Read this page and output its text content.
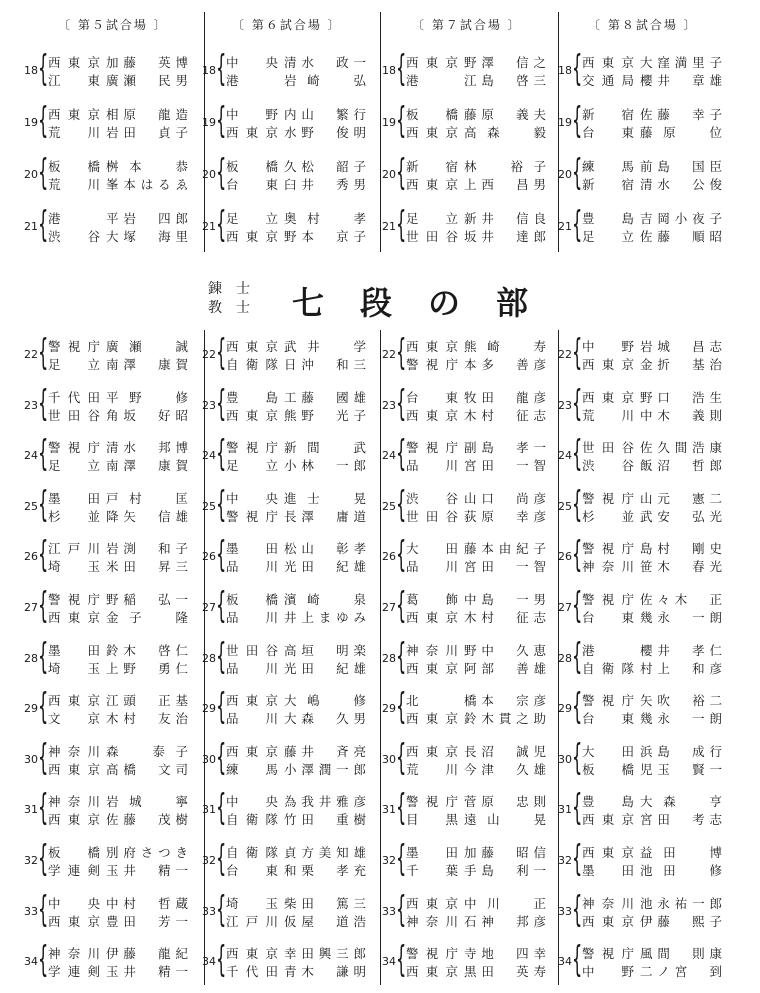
〔 第５試合場 〕	〔 第６試合場 〕	〔 第７試合場 〕	〔 第８試合場 〕
18 { 西東京 加藤　英博
江　東 廣瀬　民男
19 { 西東京 相原　龍造
荒　川 岩田　貞子
20 { 板　橋 桝本　恭
荒　川 峯本はるゑ
21 { 港	平岩　四郎
渋　谷 大塚　海里
18 { 中　央 清水　政一
港	岩崎　弘
19 { 中　野 内山　繁行
西東京 水野　俊明
20 { 板　橋 久松　韶子
台　東 臼井　秀男
21 { 足　立 奥村　孝
西東京 野本　京子
18 { 西東京 野澤　信之
港	江島　啓三
19 { 板　橋 藤原　義夫
西東京 高森　毅
20 { 新　宿 林　裕子
西東京 上西　昌男
21 { 足　立 新井　信良
世田谷 坂井　達郎
18 { 西東京 大窪満里子
交通局 櫻井　章雄
19 { 新　宿 佐藤　幸子
台　東 藤原　位
20 { 練　馬 前島　国臣
新　宿 清水　公俊
21 { 豊　島 吉岡小夜子
足　立 佐藤　順昭
錬　士
教　士	七段の部
22 { 警視庁 廣瀬　誠
足　立 南澤　康賀
23 { 千代田 平野　修
世田谷 角坂　好昭
24 { 警視庁 清水　邦博
足　立 南澤　康賀
25 { 墨　田 戸村　匡
杉　並 降矢　信雄
26 { 江戸川 岩渕　和子
埼　玉 米田　昇三
27 { 警視庁 野稲　弘一
西東京 金子　隆
28 { 墨　田 鈴木　啓仁
埼　玉 上野　勇仁
29 { 西東京 江頭　正基
文　京 木村　友治
30 { 神奈川 森　泰子
西東京 高橋　文司
31 { 神奈川 岩城　寧
西東京 佐藤　茂樹
32 { 板　橋 別府さつき
学連剣 玉井　精一
33 { 中　央 中村　哲蔵
西東京 豊田　芳一
34 { 神奈川 伊藤　龍紀
学連剣 玉井　精一
22 { 西東京 武井　学
自衛隊 日沖　和三
23 { 豊　島 工藤　國雄
西東京 熊野　光子
24 { 警視庁 新間　武
足　立 小林　一郎
25 { 中　央 進士　晃
警視庁 長澤　庸道
26 { 墨　田 松山　彰孝
品　川 光田　紀雄
27 { 板　橋 濱崎　泉
品　川 井上まゆみ
28 { 世田谷 高垣　明楽
品　川 光田　紀雄
29 { 西東京 大嶋　修
品　川 大森　久男
30 { 西東京 藤井　斉亮
練　馬 小澤潤一郎
31 { 中　央 為我井雅彦
自衛隊 竹田　重樹
32 { 自衛隊 貞方美知雄
台　東 和栗　孝充
33 { 埼　玉 柴田　篤三
江戸川 仮屋　道浩
34 { 西東京 幸田興三郎
千代田 青木　謙明
22 { 西東京 熊崎　寿
警視庁 本多　善彦
23 { 台　東 牧田　龍彦
西東京 木村　征志
24 { 警視庁 副島　孝一
品　川 宮田　一智
25 { 渋　谷 山口　尚彦
世田谷 荻原　幸彦
26 { 大　田 藤本由紀子
品　川 宮田　一智
27 { 葛　飾 中島　一男
西東京 木村　征志
28 { 神奈川 野中　久恵
西東京 阿部　善雄
29 { 北	橋本　宗彦
西東京 鈴木貫之助
30 { 西東京 長沼　誠児
荒　川 今津　久雄
31 { 警視庁 菅原　忠則
目　黒 遠山　晃
32 { 墨　田 加藤　昭信
千　葉 手島　利一
33 { 西東京 中川　正
神奈川 石神　邦彦
34 { 警視庁 寺地　四幸
西東京 黒田　英寿
22 { 中　野 岩城　昌志
西東京 金折　基治
23 { 西東京 野口　浩生
荒　川 中木　義則
24 { 世田谷 佐久間浩康
渋　谷 飯沼　哲郎
25 { 警視庁 山元　憲二
杉　並 武安　弘光
26 { 警視庁 島村　剛史
神奈川 笹木　春光
27 { 警視庁 佐々木　正
台　東 幾永　一朗
28 { 港	櫻井　孝仁
自衛隊 村上　和彦
29 { 警視庁 矢吹　裕二
台　東 幾永　一朗
30 { 大　田 浜島　成行
板　橋 児玉　賢一
31 { 豊　島 大森　亨
西東京 宮田　考志
32 { 西東京 益田　博
墨　田 池田　修
33 { 神奈川 池永祐一郎
西東京 伊藤　熙子
34 { 警視庁 風間　則康
中　野 二ノ宮　到
